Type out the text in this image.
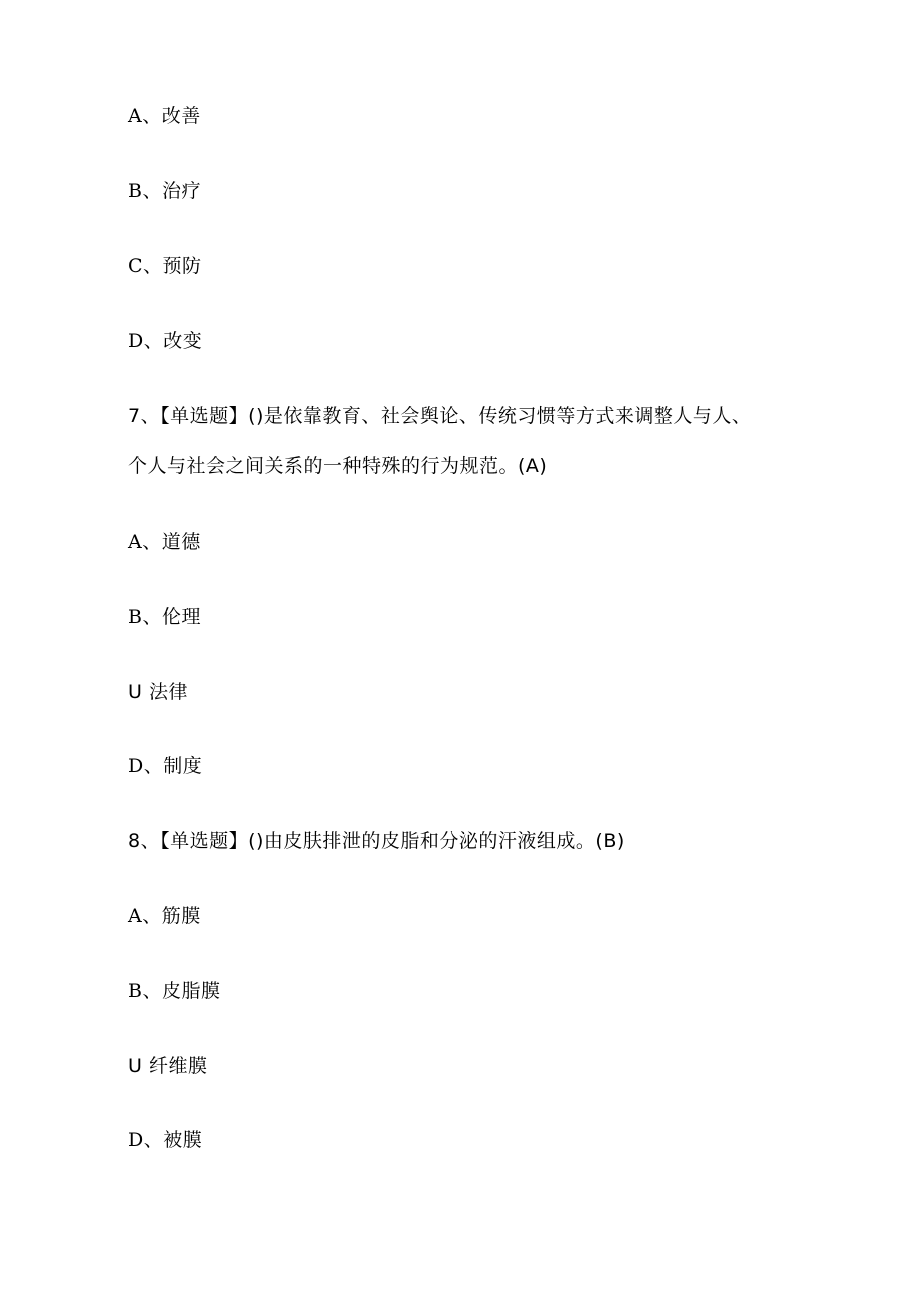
A、改善
B、治疗
C、预防
D、改变
7、【单选题】()是依靠教育、社会舆论、传统习惯等方式来调整人与人、
个人与社会之间关系的一种特殊的行为规范。(A)
A、道德
B、伦理
U 法律
D、制度
8、【单选题】()由皮肤排泄的皮脂和分泌的汗液组成。(B)
A、筋膜
B、皮脂膜
U 纤维膜
D、被膜
